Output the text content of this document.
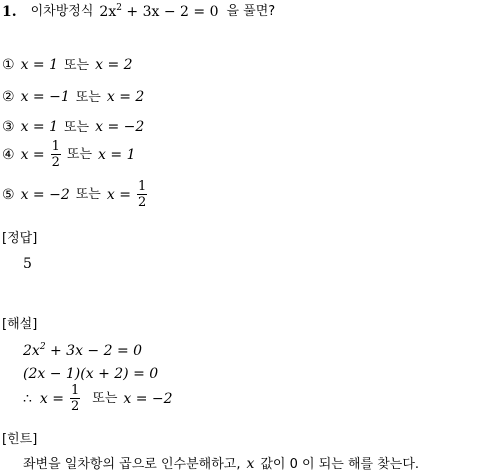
1. 이차방정식 $2x^2 + 3x - 2 = 0$ 을 풀면?
① x = 1 또는 x = 2
② x = −1 또는 x = 2
③ x = 1 또는 x = −2
④ $x = \frac{1}{2}$ 또는 x = 1
⑤ x = −2 또는 $x = \frac{1}{2}$
[정답]
5
[해설]
$2x^2 + 3x - 2 = 0$
(2x − 1)(x + 2) = 0
∴ $x = \frac{1}{2}$ 또는 x = −2
[힌트]
좌변을 일차항의 곱으로 인수분해하고, x 값이 0 이 되는 해를 찾는다.
